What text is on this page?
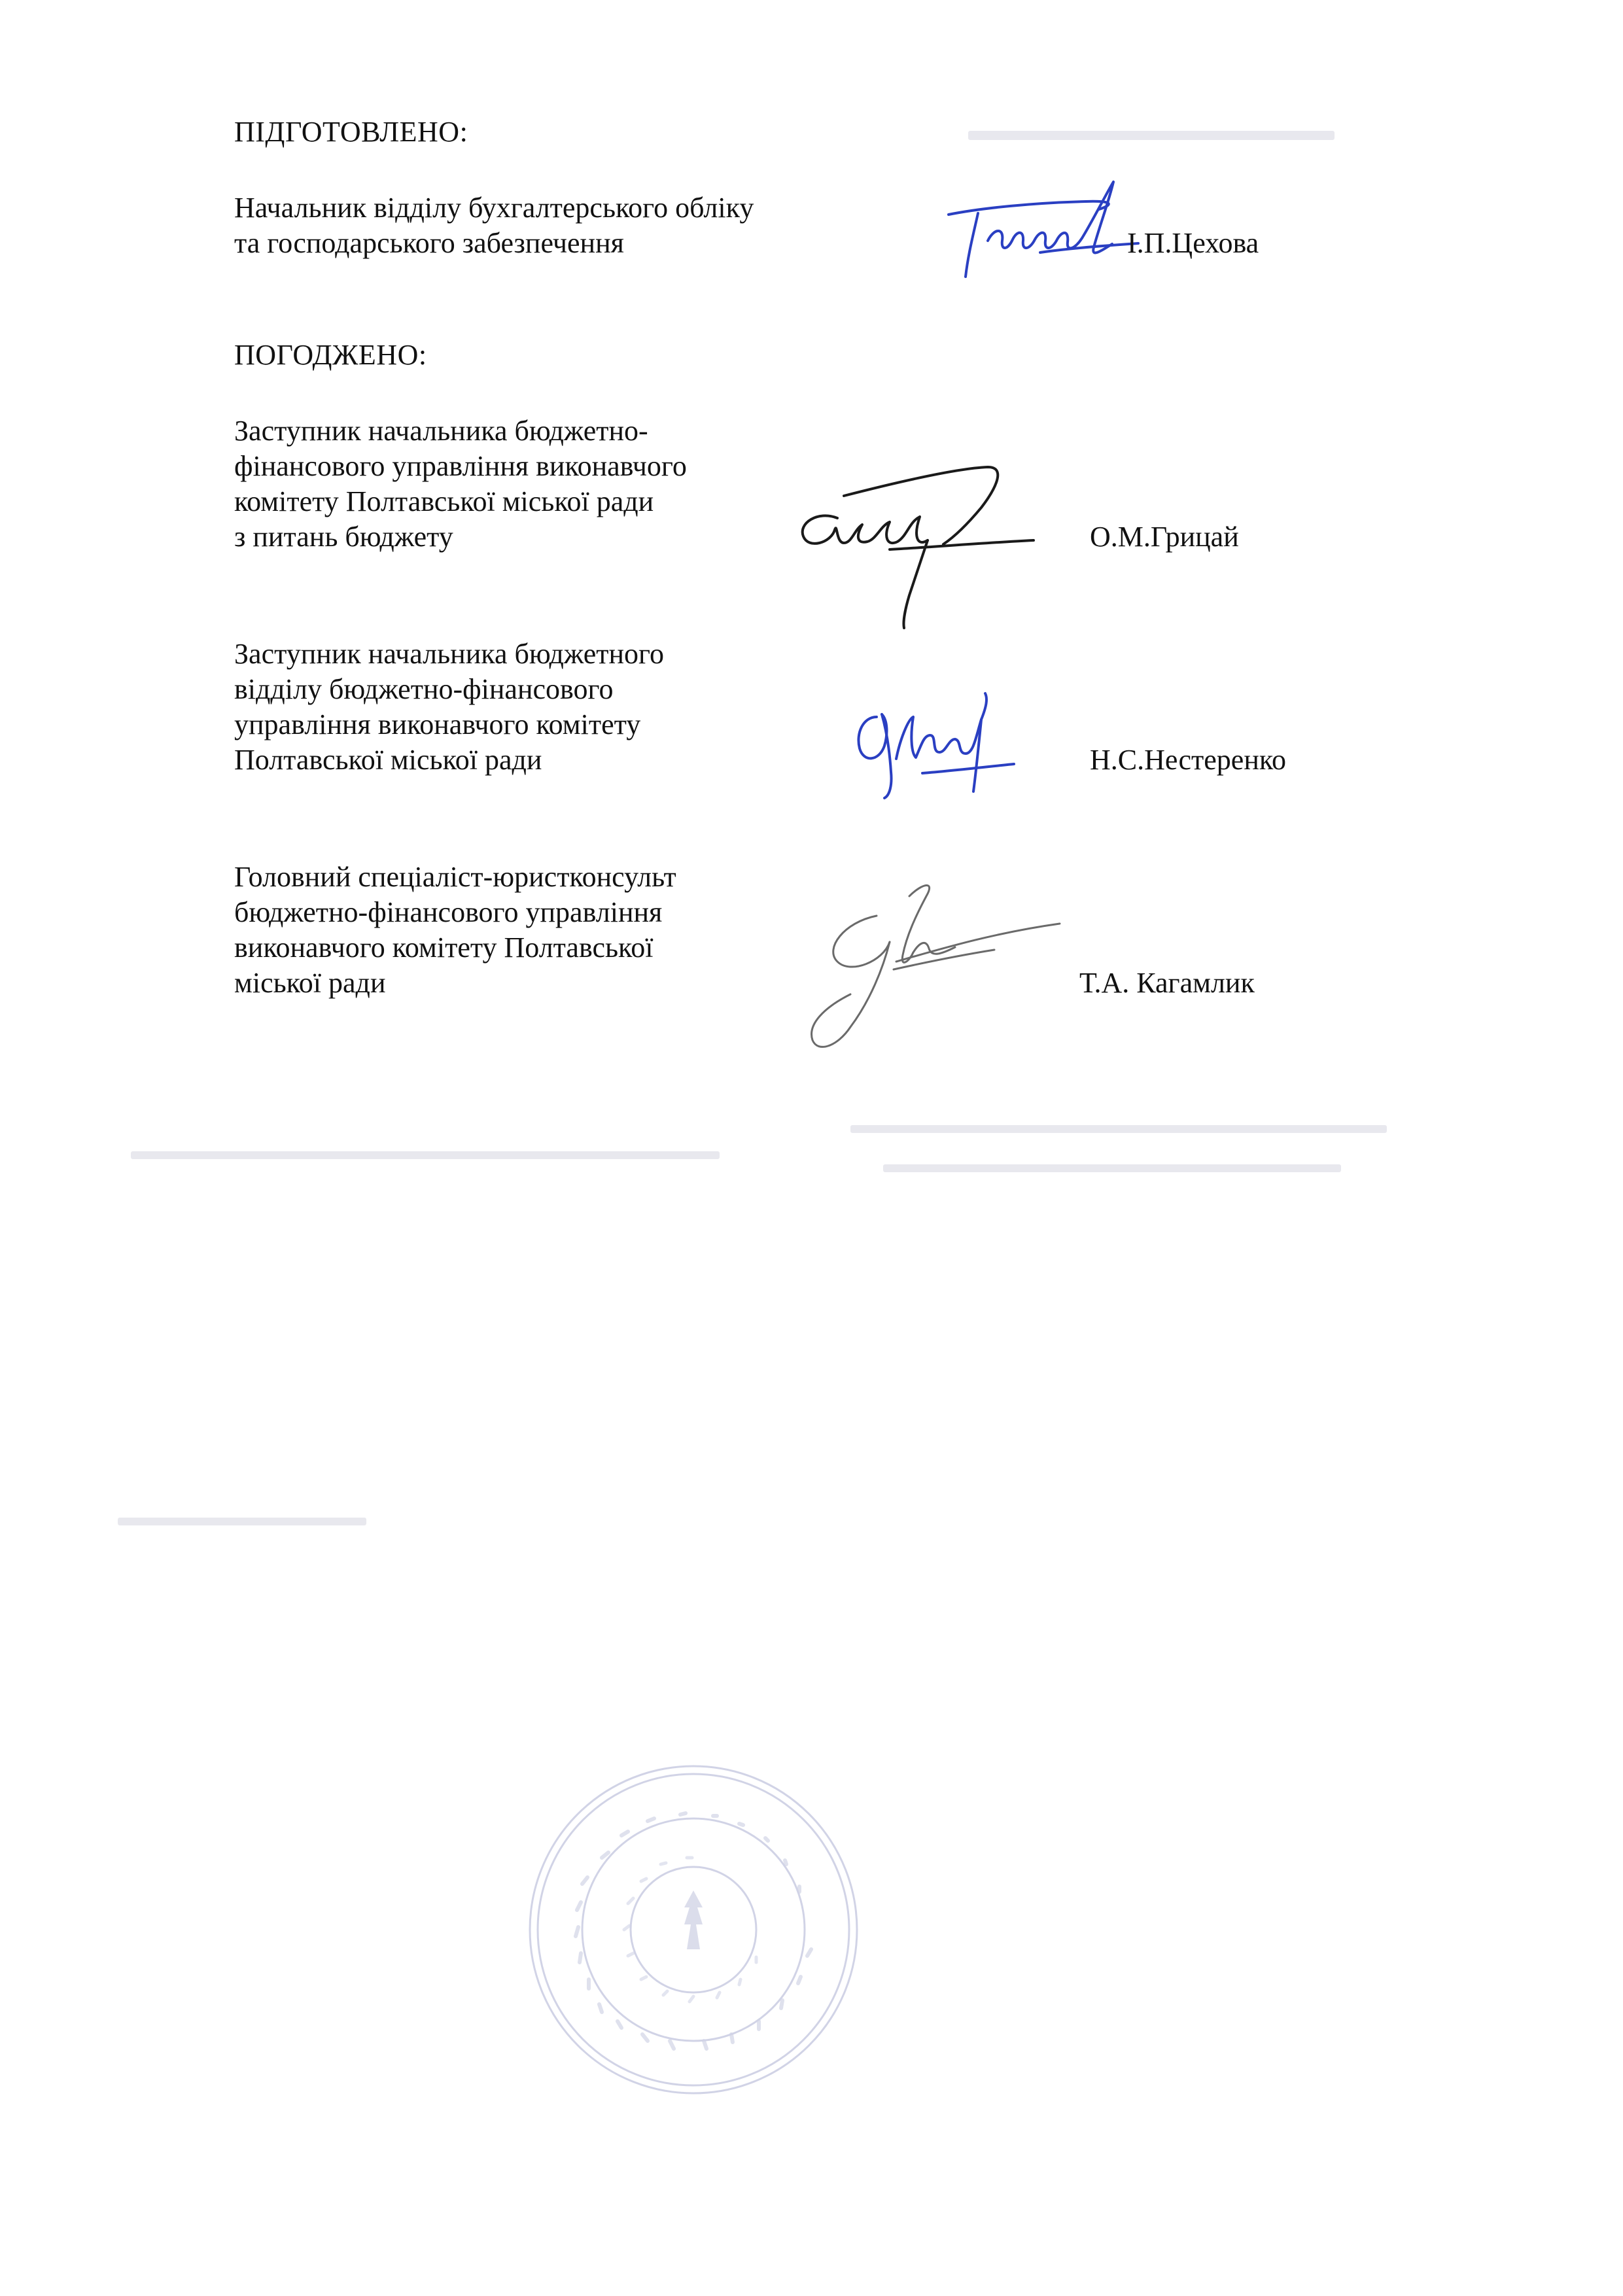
ПІДГОТОВЛЕНО:
Начальник відділу бухгалтерського обліку
та господарського забезпечення	І.П.Цехова
ПОГОДЖЕНО:
Заступник начальника бюджетно-
фінансового управління виконавчого
комітету Полтавської міської ради
з питань бюджету	О.М.Грицай
Заступник начальника бюджетного
відділу бюджетно-фінансового
управління виконавчого комітету
Полтавської міської ради	Н.С.Нестеренко
Головний спеціаліст-юристконсульт
бюджетно-фінансового управління
виконавчого комітету Полтавської
міської ради	Т.А. Кагамлик
